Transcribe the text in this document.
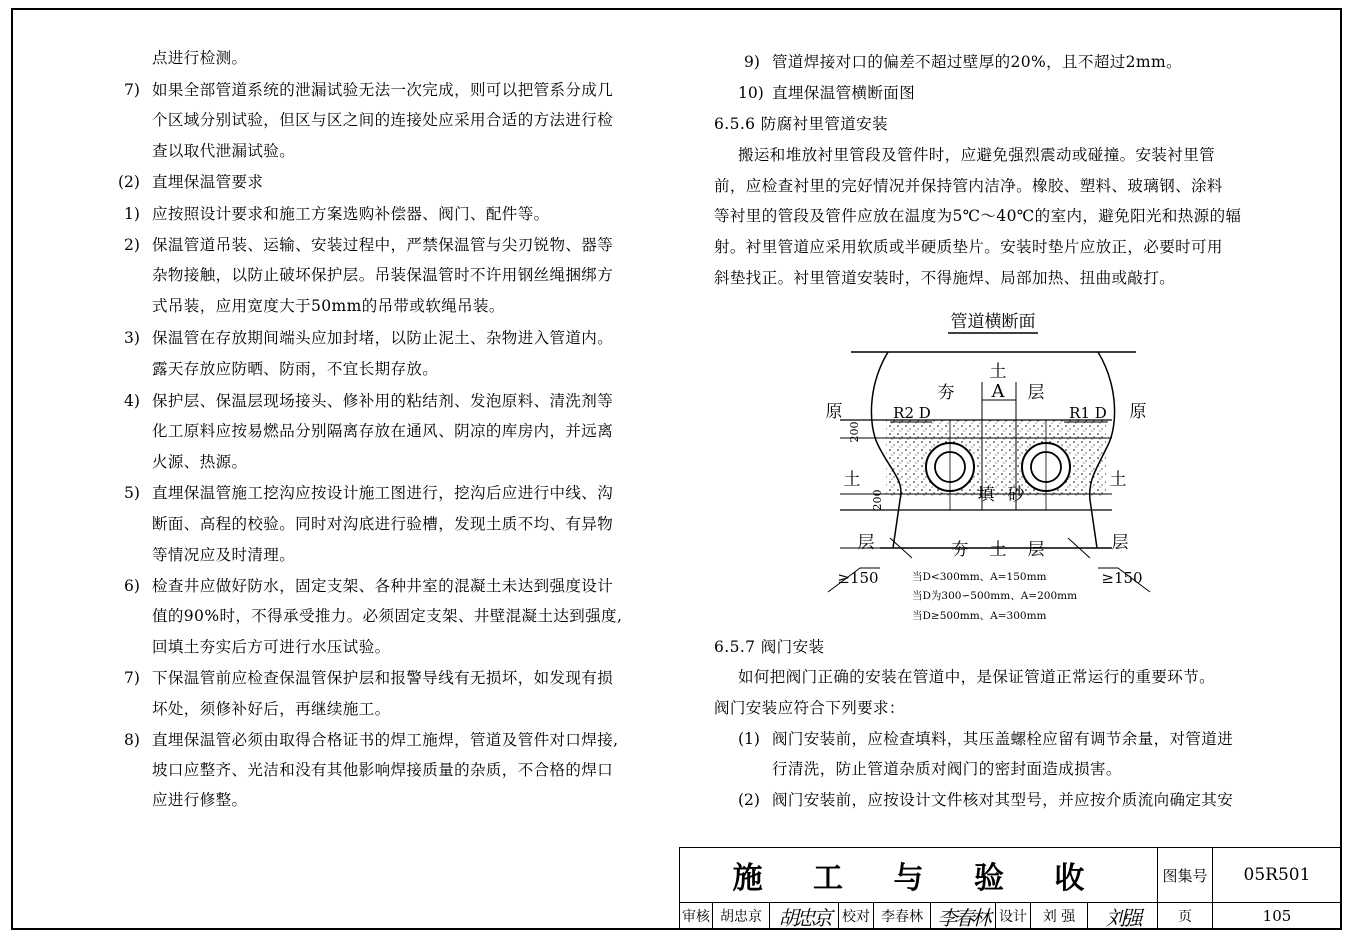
点进行检测。
7) 如果全部管道系统的泄漏试验无法一次完成，则可以把管系分成几
个区域分别试验，但区与区之间的连接处应采用合适的方法进行检
查以取代泄漏试验。
(2) 直埋保温管要求
1) 应按照设计要求和施工方案选购补偿器、阀门、配件等。
2) 保温管道吊装、运输、安装过程中，严禁保温管与尖刃锐物、器等
杂物接触，以防止破坏保护层。吊装保温管时不许用钢丝绳捆绑方
式吊装，应用宽度大于50mm的吊带或软绳吊装。
3) 保温管在存放期间端头应加封堵，以防止泥土、杂物进入管道内。
露天存放应防晒、防雨，不宜长期存放。
4) 保护层、保温层现场接头、修补用的粘结剂、发泡原料、清洗剂等
化工原料应按易燃品分别隔离存放在通风、阴凉的库房内，并远离
火源、热源。
5) 直埋保温管施工挖沟应按设计施工图进行，挖沟后应进行中线、沟
断面、高程的校验。同时对沟底进行验槽，发现土质不均、有异物
等情况应及时清理。
6) 检查井应做好防水，固定支架、各种井室的混凝土未达到强度设计
值的90%时，不得承受推力。必须固定支架、井壁混凝土达到强度,
回填土夯实后方可进行水压试验。
7) 下保温管前应检查保温管保护层和报警导线有无损坏，如发现有损
坏处，须修补好后，再继续施工。
8) 直埋保温管必须由取得合格证书的焊工施焊，管道及管件对口焊接,
坡口应整齐、光洁和没有其他影响焊接质量的杂质，不合格的焊口
应进行修整。
9) 管道焊接对口的偏差不超过壁厚的20%，且不超过2mm。
10) 直埋保温管横断面图
6.5.6 防腐衬里管道安装
搬运和堆放衬里管段及管件时，应避免强烈震动或碰撞。安装衬里管
前，应检查衬里的完好情况并保持管内洁净。橡胶、塑料、玻璃钢、涂料
等衬里的管段及管件应放在温度为5℃～40℃的室内，避免阳光和热源的辐
射。衬里管道应采用软质或半硬质垫片。安装时垫片应放正，必要时可用
斜垫找正。衬里管道安装时，不得施焊、局部加热、扭曲或敲打。
6.5.7 阀门安装
如何把阀门正确的安装在管道中，是保证管道正常运行的重要环节。
阀门安装应符合下列要求：
(1) 阀门安装前，应检查填料，其压盖螺栓应留有调节余量，对管道进
行清洗，防止管道杂质对阀门的密封面造成损害。
(2) 阀门安装前，应按设计文件核对其型号，并应按介质流向确定其安
管道横断面
土
夯	层
A
原	原
R2 D	R1 D
200
200
土	土
填 砂
层	层
夯 土 层
≥150	≥150
当D<300mm、A=150mm
当D为300∽500mm、A=200mm
当D≥500mm、A=300mm
施 工 与 验 收	图集号 05R501
审核 胡忠京 胡忠京 校对 李春林 李春林 设计 刘 强 刘强	页	105
